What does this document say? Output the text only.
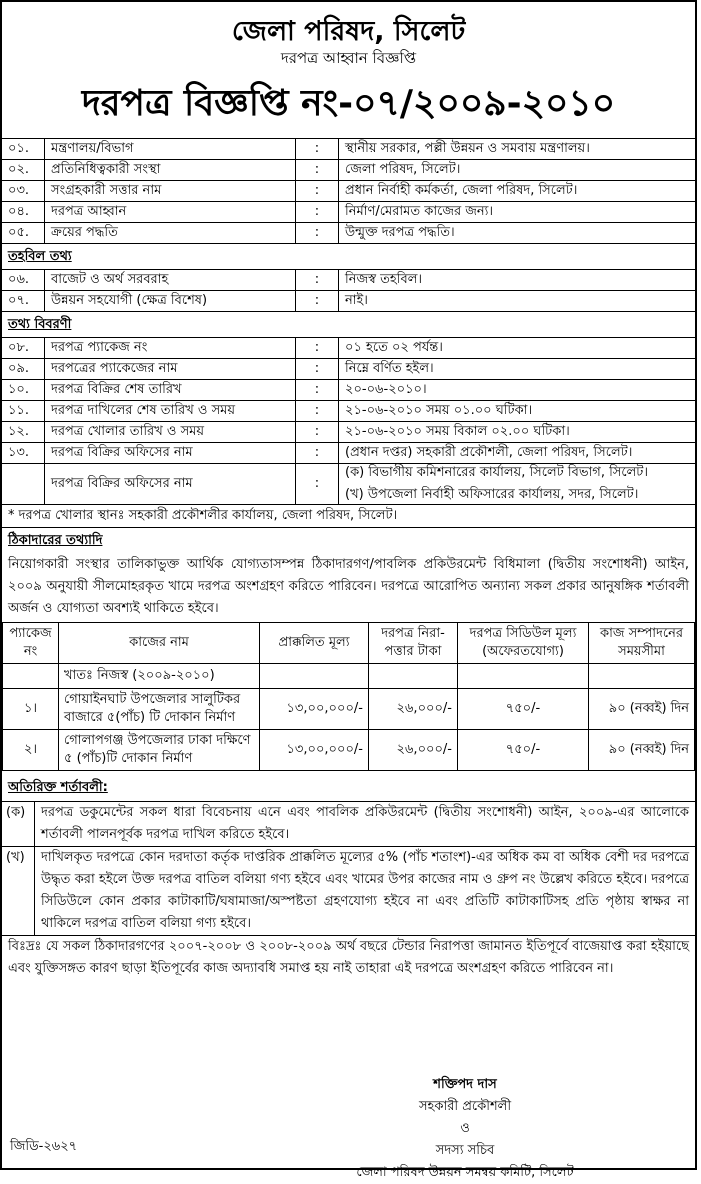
জেলা পরিষদ, সিলেট
দরপত্র আহ্বান বিজ্ঞপ্তি
দরপত্র বিজ্ঞপ্তি নং-০৭/২০০৯-২০১০
০১.	মন্ত্রণালয়/বিভাগ	:	স্থানীয় সরকার, পল্লী উন্নয়ন ও সমবায় মন্ত্রণালয়।
০২.	প্রতিনিধিত্বকারী সংস্থা	:	জেলা পরিষদ, সিলেট।
০৩.	সংগ্রহকারী সত্তার নাম	:	প্রধান নির্বাহী কর্মকর্তা, জেলা পরিষদ, সিলেট।
০৪.	দরপত্র আহ্বান	:	নির্মাণ/মেরামত কাজের জন্য।
০৫.	ক্রয়ের পদ্ধতি	:	উন্মুক্ত দরপত্র পদ্ধতি।
তহবিল তথ্য
০৬.	বাজেট ও অর্থ সরবরাহ	:	নিজস্ব তহবিল।
০৭.	উন্নয়ন সহযোগী (ক্ষেত্র বিশেষ)	:	নাই।
তথ্য বিবরণী
০৮.	দরপত্র প্যাকেজ নং	:	০১ হতে ০২ পর্যন্ত।
০৯.	দরপত্রের প্যাকেজের নাম	:	নিম্নে বর্ণিত হইল।
১০.	দরপত্র বিক্রির শেষ তারিখ	:	২০-০৬-২০১০।
১১.	দরপত্র দাখিলের শেষ তারিখ ও সময়	:	২১-০৬-২০১০ সময় ০১.০০ ঘটিকা।
১২.	দরপত্র খোলার তারিখ ও সময়	:	২১-০৬-২০১০ সময় বিকাল ০২.০০ ঘটিকা।
১৩.	দরপত্র বিক্রির অফিসের নাম	:	(প্রধান দপ্তর) সহকারী প্রকৌশলী, জেলা পরিষদ, সিলেট।
	দরপত্র বিক্রির অফিসের নাম	:	(ক) বিভাগীয় কমিশনারের কার্যালয়, সিলেট বিভাগ, সিলেট।
(খ) উপজেলা নির্বাহী অফিসারের কার্যালয়, সদর, সিলেট।
* দরপত্র খোলার স্থানঃ সহকারী প্রকৌশলীর কার্যালয়, জেলা পরিষদ, সিলেট।
ঠিকাদারের তথ্যাদি
নিয়োগকারী সংস্থার তালিকাভুক্ত আর্থিক যোগ্যতাসম্পন্ন ঠিকাদারগণ/পাবলিক প্রকিউরমেন্ট বিধিমালা (দ্বিতীয় সংশোধনী) আইন, ২০০৯ অনুযায়ী সীলমোহরকৃত খামে দরপত্র অংশগ্রহণ করিতে পারিবেন। দরপত্রে আরোপিত অন্যান্য সকল প্রকার আনুষঙ্গিক শর্তাবলী অর্জন ও যোগ্যতা অবশ্যই থাকিতে হইবে।
প্যাকেজ নং	কাজের নাম	প্রাক্কলিত মূল্য	দরপত্র নিরা-পত্তার টাকা	দরপত্র সিডিউল মূল্য (অফেরতযোগ্য)	কাজ সম্পাদনের সময়সীমা
	খাতঃ নিজস্ব (২০০৯-২০১০)				
১।	গোয়াইনঘাট উপজেলার সালুটিকর বাজারে ৫(পাঁচ) টি দোকান নির্মাণ	১৩,০০,০০০/-	২৬,০০০/-	৭৫০/-	৯০ (নব্বই) দিন
২।	গোলাপগঞ্জ উপজেলার ঢাকা দক্ষিণে ৫ (পাঁচ)টি দোকান নির্মাণ	১৩,০০,০০০/-	২৬,০০০/-	৭৫০/-	৯০ (নব্বই) দিন
অতিরিক্ত শর্তাবলী:
(ক)	দরপত্র ডকুমেন্টের সকল ধারা বিবেচনায় এনে এবং পাবলিক প্রকিউরমেন্ট (দ্বিতীয় সংশোধনী) আইন, ২০০৯-এর আলোকে শর্তাবলী পালনপূর্বক দরপত্র দাখিল করিতে হইবে।
(খ)	দাখিলকৃত দরপত্রে কোন দরদাতা কর্তৃক দাপ্তরিক প্রাক্কলিত মূল্যের ৫% (পাঁচ শতাংশ)-এর অধিক কম বা অধিক বেশী দর দরপত্রে উদ্ধৃত করা হইলে উক্ত দরপত্র বাতিল বলিয়া গণ্য হইবে এবং খামের উপর কাজের নাম ও গ্রুপ নং উল্লেখ করিতে হইবে। দরপত্রে সিডিউলে কোন প্রকার কাটাকাটি/ঘষামাজা/অস্পষ্টতা গ্রহণযোগ্য হইবে না এবং প্রতিটি কাটাকাটিসহ প্রতি পৃষ্ঠায় স্বাক্ষর না থাকিলে দরপত্র বাতিল বলিয়া গণ্য হইবে।
বিঃদ্রঃ যে সকল ঠিকাদারগণের ২০০৭-২০০৮ ও ২০০৮-২০০৯ অর্থ বছরে টেন্ডার নিরাপত্তা জামানত ইতিপূর্বে বাজেয়াপ্ত করা হইয়াছে এবং যুক্তিসঙ্গত কারণ ছাড়া ইতিপূর্বের কাজ অদ্যাবধি সমাপ্ত হয় নাই তাহারা এই দরপত্রে অংশগ্রহণ করিতে পারিবেন না।
শক্তিপদ দাস
সহকারী প্রকৌশলী
ও
সদস্য সচিব
জেলা পরিষদ উন্নয়ন সমন্বয় কমিটি, সিলেট
জিডি-২৬২৭
